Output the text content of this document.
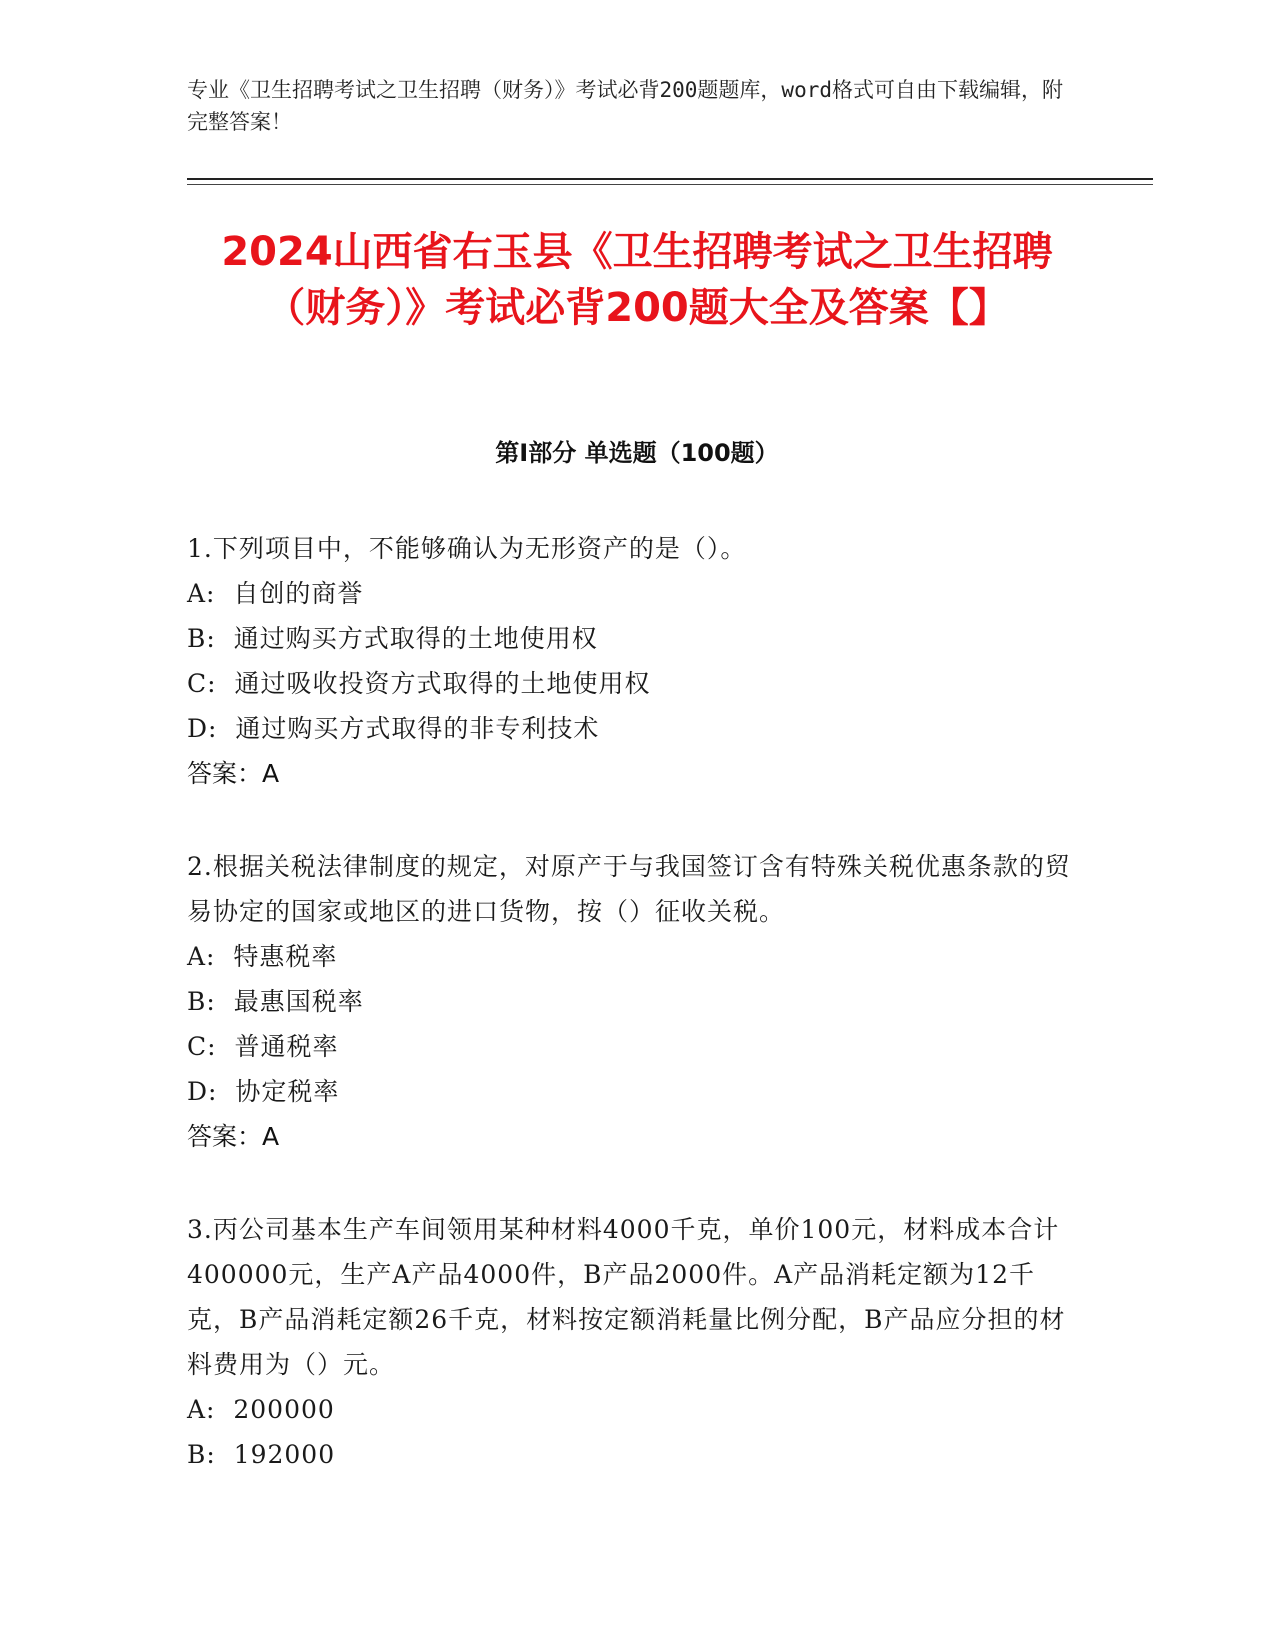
专业《卫生招聘考试之卫生招聘（财务）》考试必背200题题库，word格式可自由下载编辑，附完整答案！
2024山西省右玉县《卫生招聘考试之卫生招聘（财务）》考试必背200题大全及答案【】
第I部分 单选题（100题）
1.下列项目中，不能够确认为无形资产的是（）。
A:  自创的商誉
B:  通过购买方式取得的土地使用权
C:  通过吸收投资方式取得的土地使用权
D:  通过购买方式取得的非专利技术
答案：A
2.根据关税法律制度的规定，对原产于与我国签订含有特殊关税优惠条款的贸易协定的国家或地区的进口货物，按（）征收关税。
A:  特惠税率
B:  最惠国税率
C:  普通税率
D:  协定税率
答案：A
3.丙公司基本生产车间领用某种材料4000千克，单价100元，材料成本合计400000元，生产A产品4000件，B产品2000件。A产品消耗定额为12千克，B产品消耗定额26千克，材料按定额消耗量比例分配，B产品应分担的材料费用为（）元。
A:  200000
B:  192000
